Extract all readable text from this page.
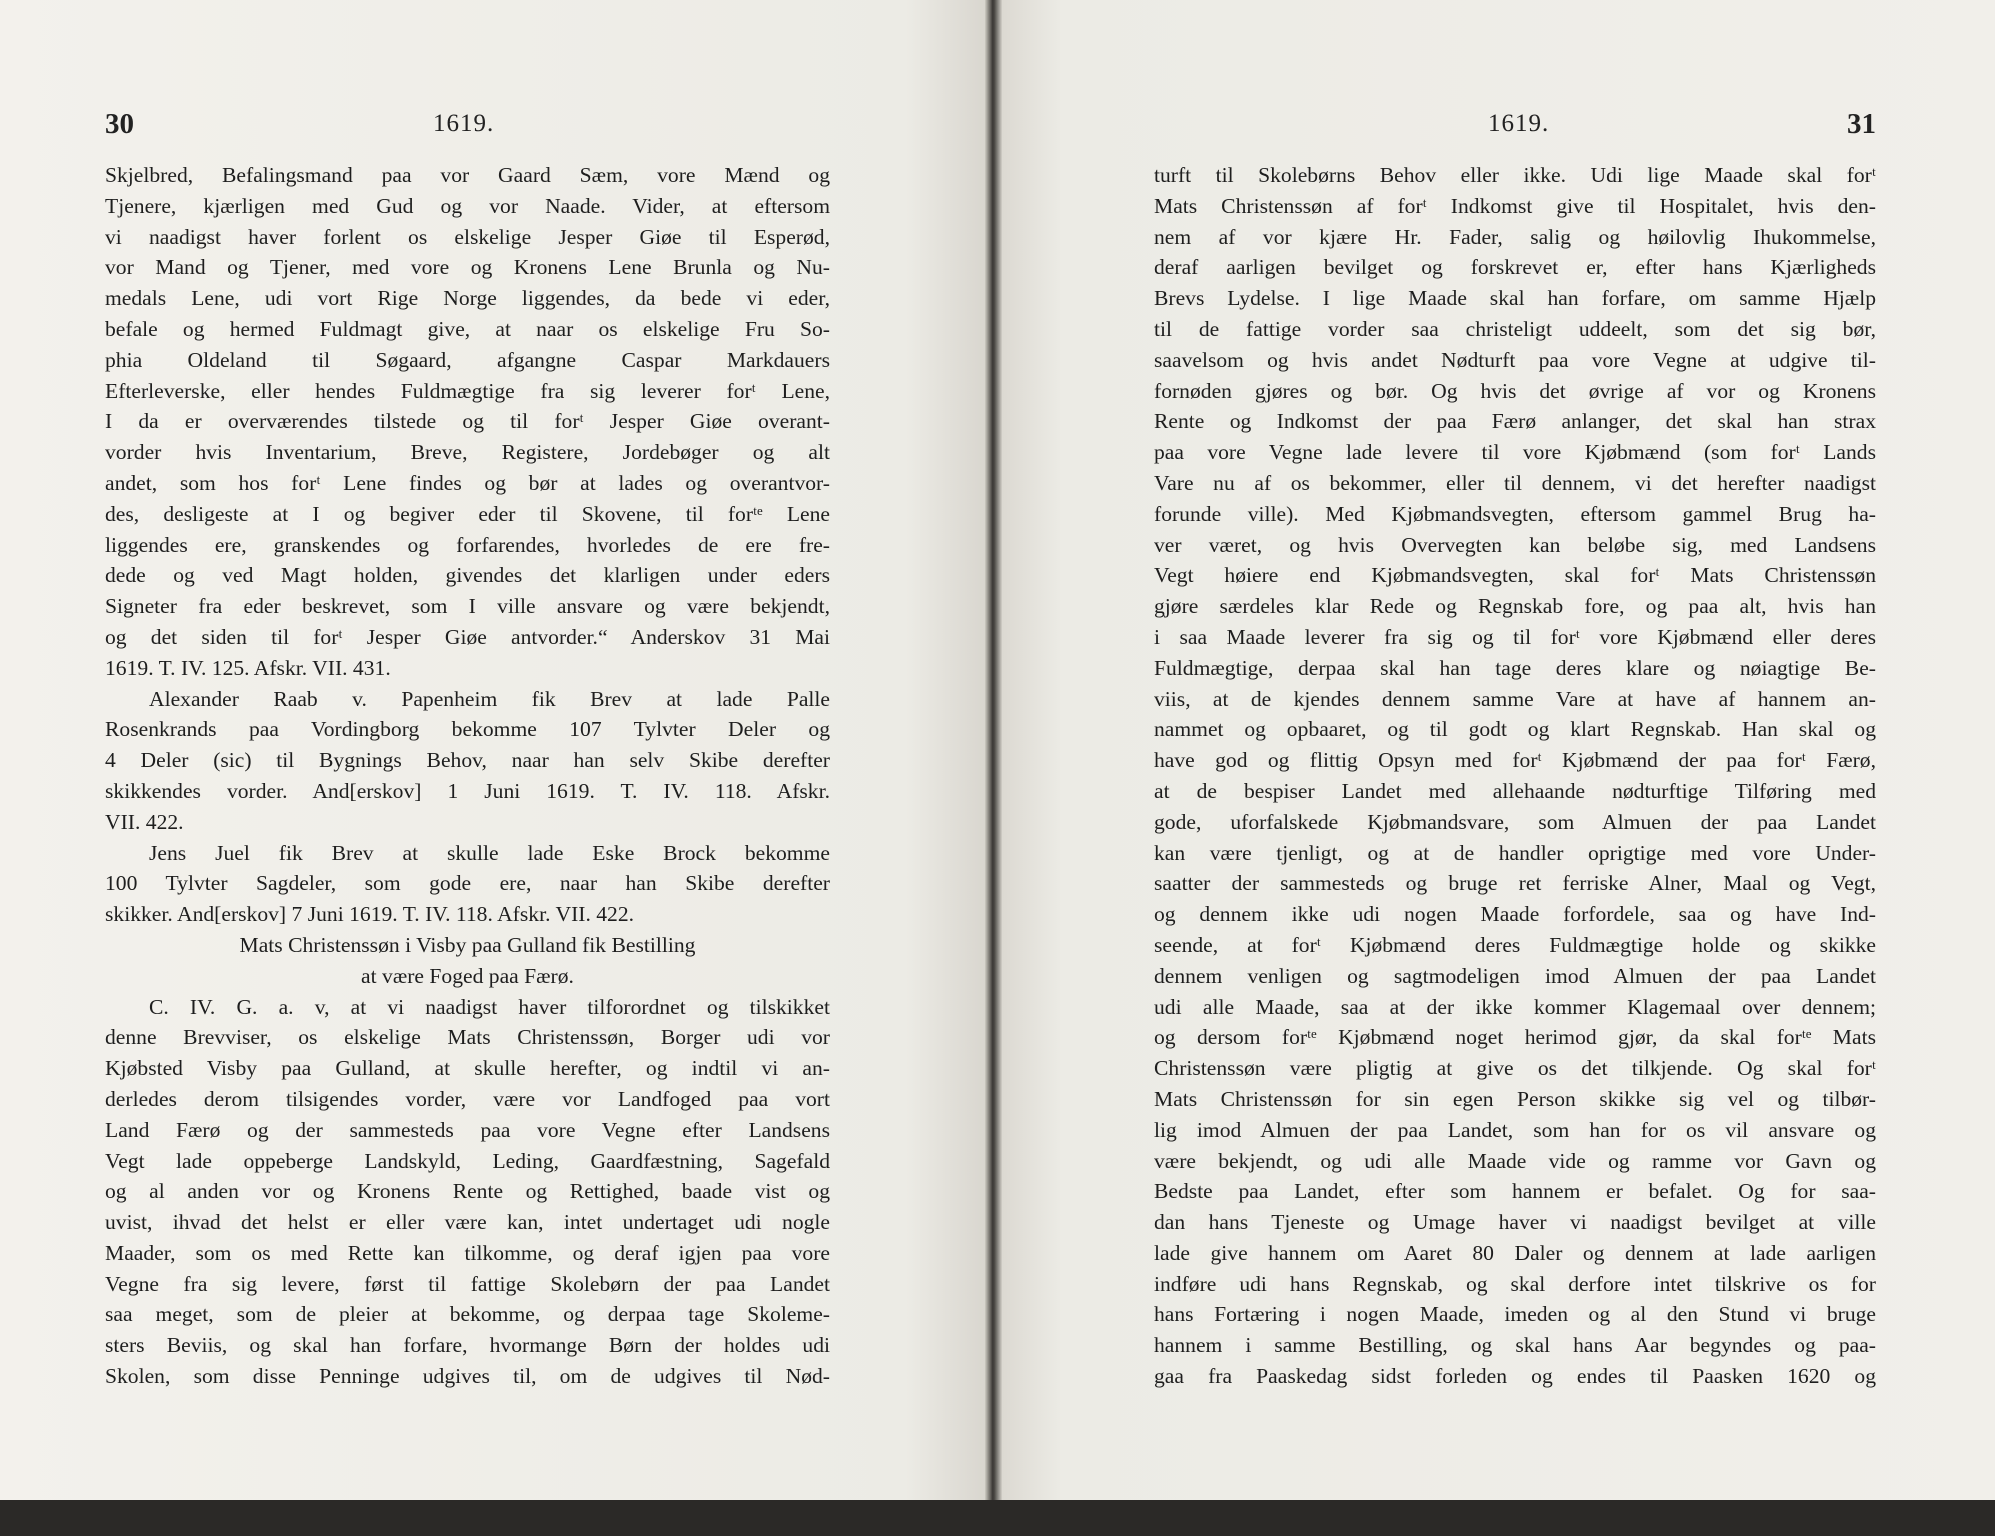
30	1619.
Skjelbred, Befalingsmand paa vor Gaard Sæm, vore Mænd og
Tjenere, kjærligen med Gud og vor Naade. Vider, at eftersom
vi naadigst haver forlent os elskelige Jesper Giøe til Esperød,
vor Mand og Tjener, med vore og Kronens Lene Brunla og Nu-
medals Lene, udi vort Rige Norge liggendes, da bede vi eder,
befale og hermed Fuldmagt give, at naar os elskelige Fru So-
phia Oldeland til Søgaard, afgangne Caspar Markdauers
Efterleverske, eller hendes Fuldmægtige fra sig leverer forᵗ Lene,
I da er overværendes tilstede og til forᵗ Jesper Giøe overant-
vorder hvis Inventarium, Breve, Registere, Jordebøger og alt
andet, som hos forᵗ Lene findes og bør at lades og overantvor-
des, desligeste at I og begiver eder til Skovene, til forᵗᵉ Lene
liggendes ere, granskendes og forfarendes, hvorledes de ere fre-
dede og ved Magt holden, givendes det klarligen under eders
Signeter fra eder beskrevet, som I ville ansvare og være bekjendt,
og det siden til forᵗ Jesper Giøe antvorder.“ Anderskov 31 Mai
1619. T. IV. 125. Afskr. VII. 431.
Alexander Raab v. Papenheim fik Brev at lade Palle
Rosenkrands paa Vordingborg bekomme 107 Tylvter Deler og
4 Deler (sic) til Bygnings Behov, naar han selv Skibe derefter
skikkendes vorder. And[erskov] 1 Juni 1619. T. IV. 118. Afskr.
VII. 422.
Jens Juel fik Brev at skulle lade Eske Brock bekomme
100 Tylvter Sagdeler, som gode ere, naar han Skibe derefter
skikker. And[erskov] 7 Juni 1619. T. IV. 118. Afskr. VII. 422.
Mats Christenssøn i Visby paa Gulland fik Bestilling
at være Foged paa Færø.
C. IV. G. a. v, at vi naadigst haver tilforordnet og tilskikket
denne Brevviser, os elskelige Mats Christenssøn, Borger udi vor
Kjøbsted Visby paa Gulland, at skulle herefter, og indtil vi an-
derledes derom tilsigendes vorder, være vor Landfoged paa vort
Land Færø og der sammesteds paa vore Vegne efter Landsens
Vegt lade oppeberge Landskyld, Leding, Gaardfæstning, Sagefald
og al anden vor og Kronens Rente og Rettighed, baade vist og
uvist, ihvad det helst er eller være kan, intet undertaget udi nogle
Maader, som os med Rette kan tilkomme, og deraf igjen paa vore
Vegne fra sig levere, først til fattige Skolebørn der paa Landet
saa meget, som de pleier at bekomme, og derpaa tage Skoleme-
sters Beviis, og skal han forfare, hvormange Børn der holdes udi
Skolen, som disse Penninge udgives til, om de udgives til Nød-
1619.	31
turft til Skolebørns Behov eller ikke. Udi lige Maade skal forᵗ
Mats Christenssøn af forᵗ Indkomst give til Hospitalet, hvis den-
nem af vor kjære Hr. Fader, salig og høilovlig Ihukommelse,
deraf aarligen bevilget og forskrevet er, efter hans Kjærligheds
Brevs Lydelse. I lige Maade skal han forfare, om samme Hjælp
til de fattige vorder saa christeligt uddeelt, som det sig bør,
saavelsom og hvis andet Nødturft paa vore Vegne at udgive til-
fornøden gjøres og bør. Og hvis det øvrige af vor og Kronens
Rente og Indkomst der paa Færø anlanger, det skal han strax
paa vore Vegne lade levere til vore Kjøbmænd (som forᵗ Lands
Vare nu af os bekommer, eller til dennem, vi det herefter naadigst
forunde ville). Med Kjøbmandsvegten, eftersom gammel Brug ha-
ver været, og hvis Overvegten kan beløbe sig, med Landsens
Vegt høiere end Kjøbmandsvegten, skal forᵗ Mats Christenssøn
gjøre særdeles klar Rede og Regnskab fore, og paa alt, hvis han
i saa Maade leverer fra sig og til forᵗ vore Kjøbmænd eller deres
Fuldmægtige, derpaa skal han tage deres klare og nøiagtige Be-
viis, at de kjendes dennem samme Vare at have af hannem an-
nammet og opbaaret, og til godt og klart Regnskab. Han skal og
have god og flittig Opsyn med forᵗ Kjøbmænd der paa forᵗ Færø,
at de bespiser Landet med allehaande nødturftige Tilføring med
gode, uforfalskede Kjøbmandsvare, som Almuen der paa Landet
kan være tjenligt, og at de handler oprigtige med vore Under-
saatter der sammesteds og bruge ret ferriske Alner, Maal og Vegt,
og dennem ikke udi nogen Maade forfordele, saa og have Ind-
seende, at forᵗ Kjøbmænd deres Fuldmægtige holde og skikke
dennem venligen og sagtmodeligen imod Almuen der paa Landet
udi alle Maade, saa at der ikke kommer Klagemaal over dennem;
og dersom forᵗᵉ Kjøbmænd noget herimod gjør, da skal forᵗᵉ Mats
Christenssøn være pligtig at give os det tilkjende. Og skal forᵗ
Mats Christenssøn for sin egen Person skikke sig vel og tilbør-
lig imod Almuen der paa Landet, som han for os vil ansvare og
være bekjendt, og udi alle Maade vide og ramme vor Gavn og
Bedste paa Landet, efter som hannem er befalet. Og for saa-
dan hans Tjeneste og Umage haver vi naadigst bevilget at ville
lade give hannem om Aaret 80 Daler og dennem at lade aarligen
indføre udi hans Regnskab, og skal derfore intet tilskrive os for
hans Fortæring i nogen Maade, imeden og al den Stund vi bruge
hannem i samme Bestilling, og skal hans Aar begyndes og paa-
gaa fra Paaskedag sidst forleden og endes til Paasken 1620 og
